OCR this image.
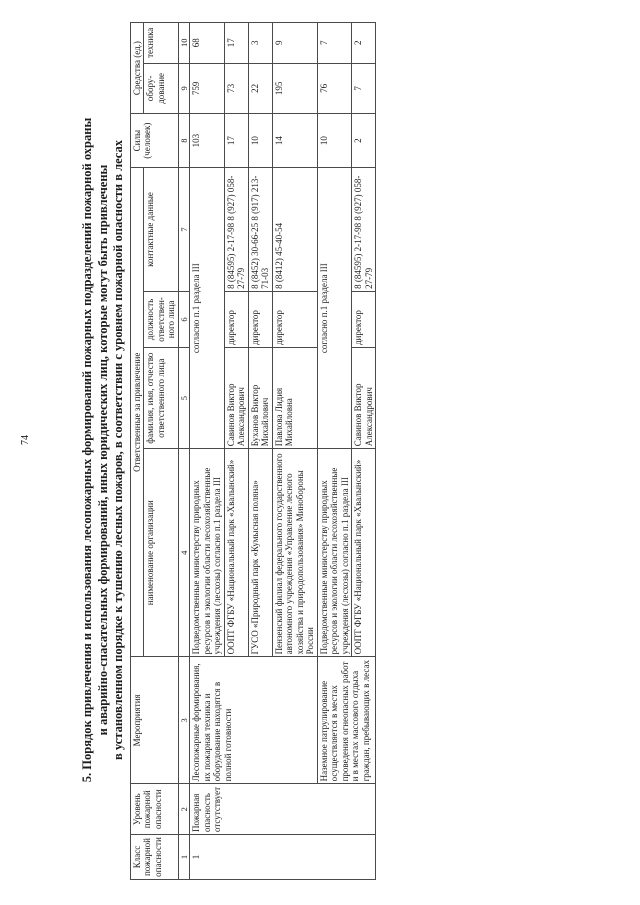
74	5. Порядок привлечения и использования лесопожарных формирований пожарных подразделений пожарной охраны и аварийно-спасательных формирований, иных юридических лиц, которые могут быть привлечены в установленном порядке к тушению лесных пожаров, в соответствии с уровнем пожарной опасности в лесах
Класс пожарной опасности	Уровень пожарной опасности	Мероприятия	Ответственные за привлечение				Силы (человек)	Средства (ед.)	
			наименование организации	фамилия, имя, отчество ответственного лица	должность ответствен-ного лица	контактные данные		обору-дование	техника
1	2	3	4	5	6	7	8	9	10
1	Пожарная опасность отсутствует	Лесопожарные формирования, их пожарная техника и оборудование находятся в полной готовности	Подведомственные министерству природных ресурсов и экологии области лесохозяйственные учреждения (лесхозы) согласно п.1 раздела III	согласно п.1 раздела III			103	759	68
			ООПТ ФГБУ «Национальный парк «Хвалынский»	Савинов Виктор Александрович	директор	8 (84595) 2-17-98 8 (927) 058-27-79	17	73	17
			ГУСО «Природный парк «Кумысная поляна»	Буханов Виктор Михайлович	директор	8 (8452) 30-66-25 8 (917) 213-71-03	10	22	3
			Пензенский филиал федерального государственного автономного учреждения «Управление лесного хозяйства и природопользования» Минобороны России	Павлова Лидия Михайловна	директор	8 (8412) 45-40-54	14	195	9
		Наземное патрулирование осуществляется в местах проведения огнеопасных работ и в местах массового отдыха граждан, пребывающих в лесах	Подведомственные министерству природных ресурсов и экологии области лесохозяйственные учреждения (лесхозы) согласно п.1 раздела III	согласно п.1 раздела III			10	76	7
			ООПТ ФГБУ «Национальный парк «Хвалынский»	Савинов Виктор Александрович	директор	8 (84595) 2-17-98 8 (927) 058-27-79	2	7	2
